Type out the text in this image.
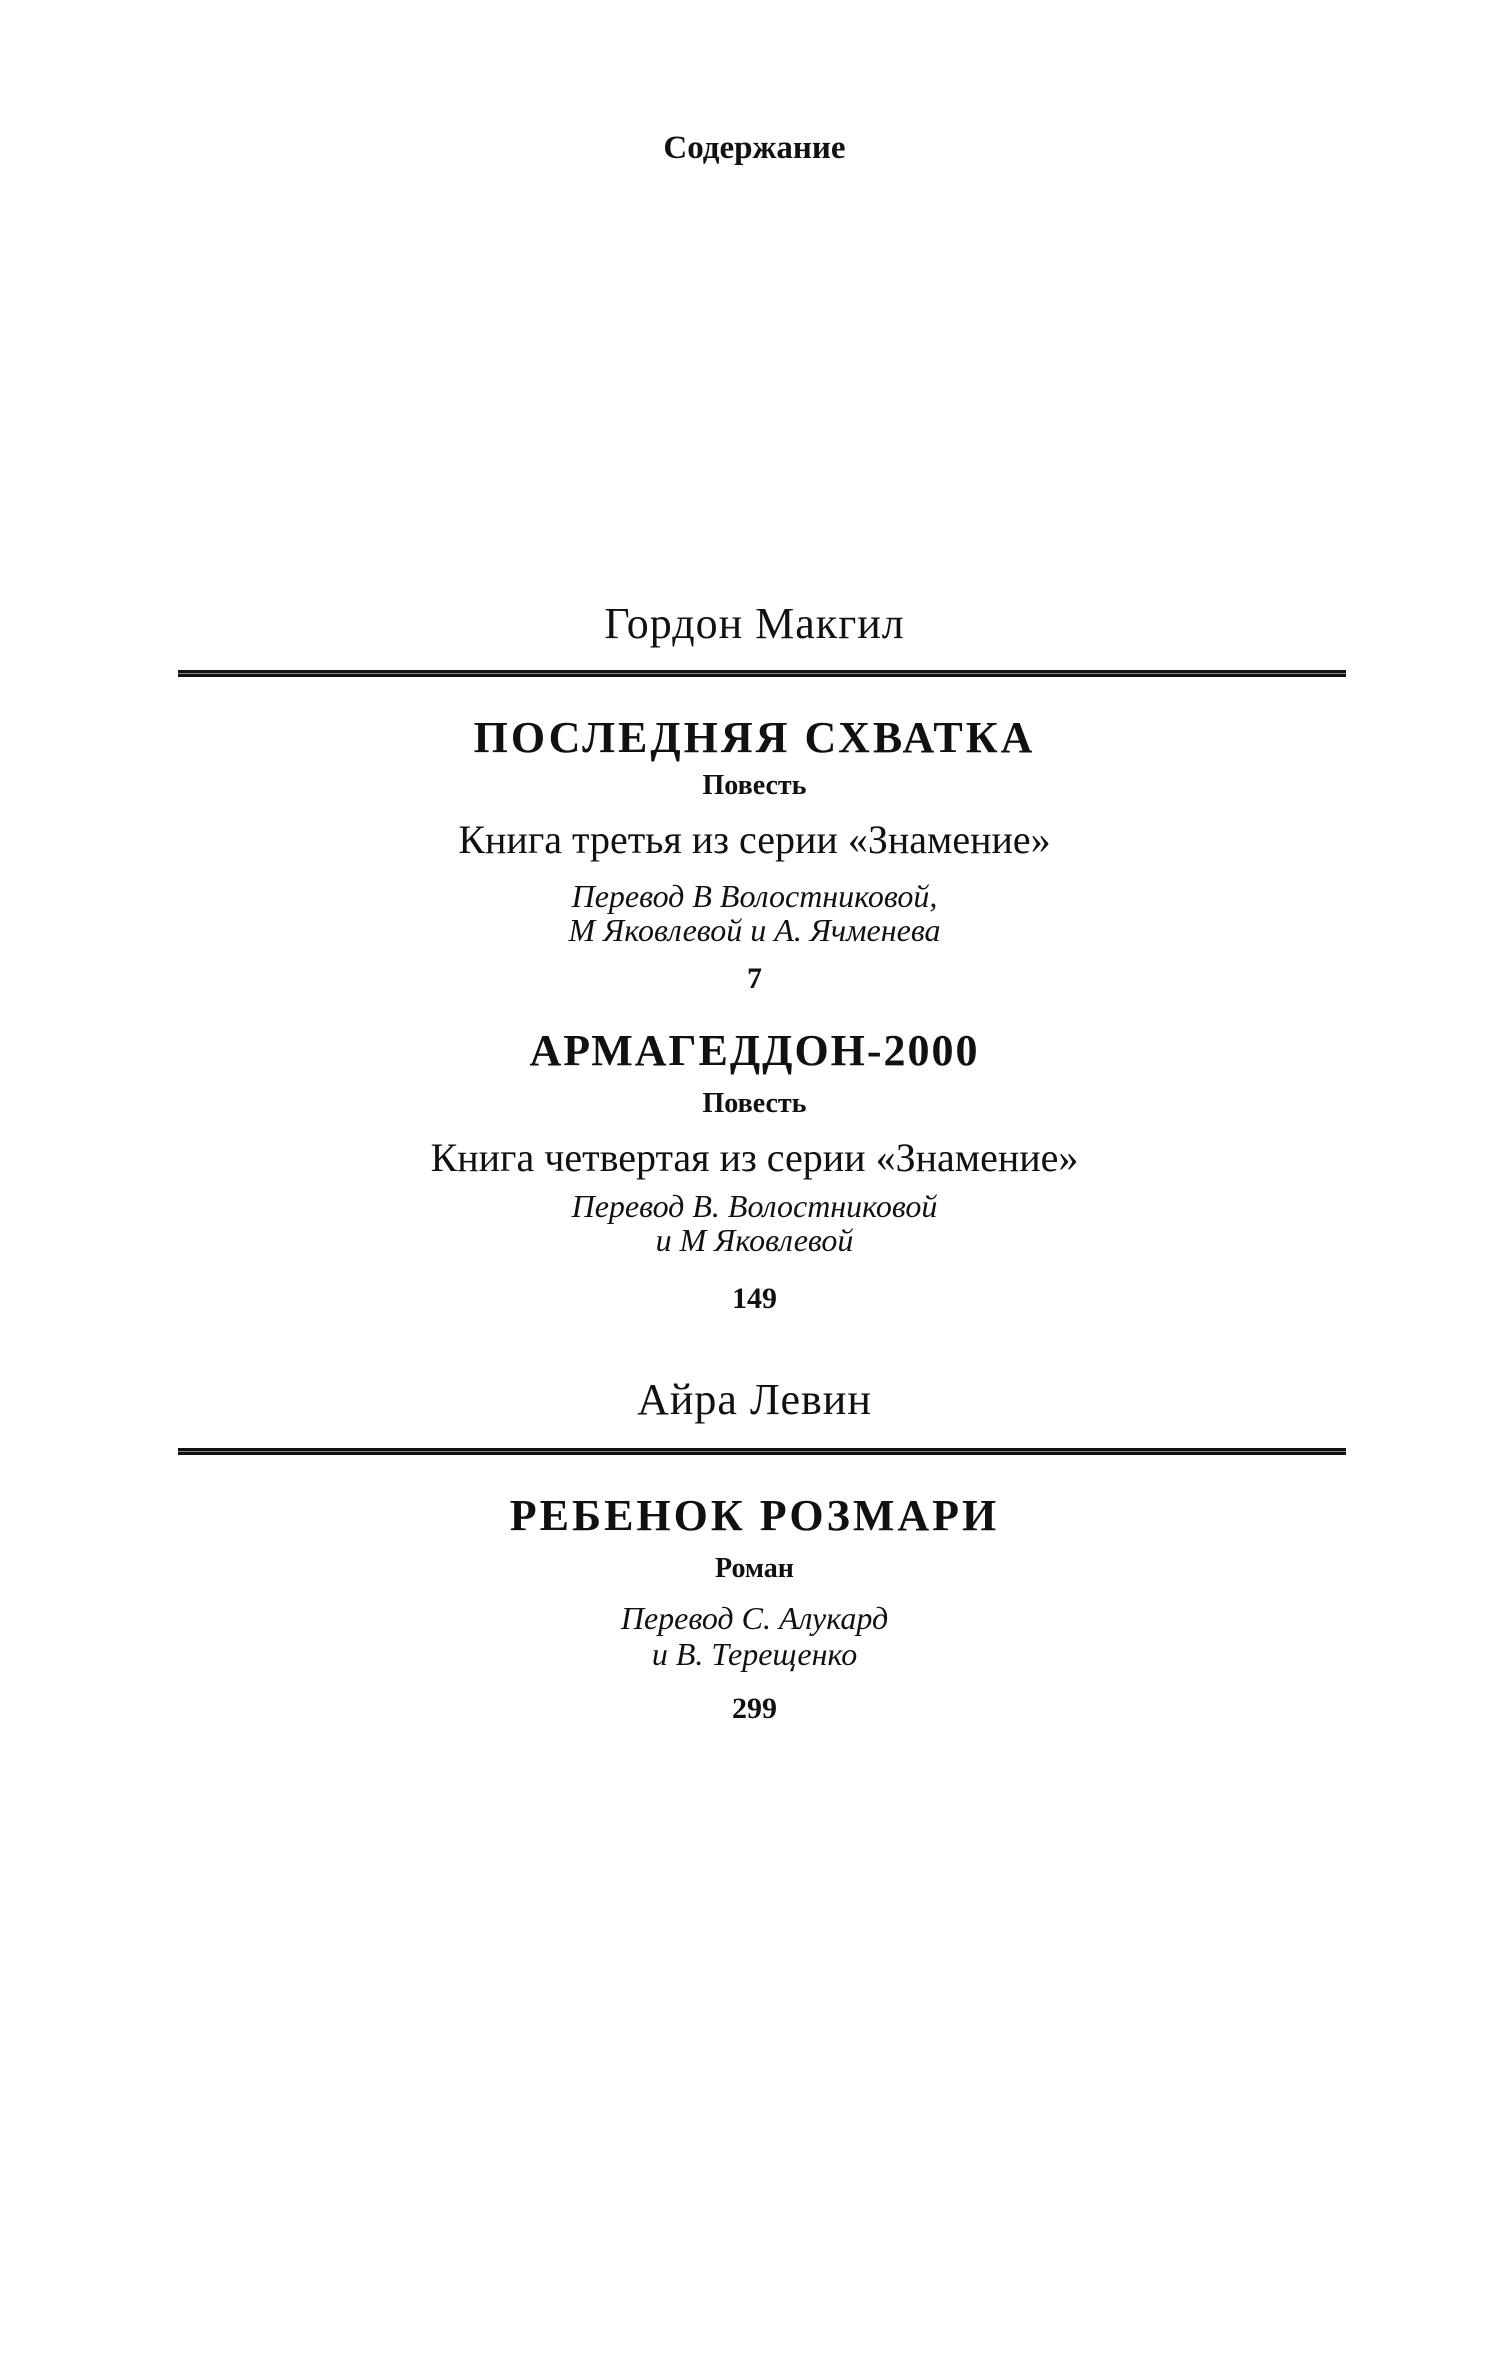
Содержание
Гордон Макгил
ПОСЛЕДНЯЯ СХВАТКА
Повесть
Книга третья из серии «Знамение»
Перевод В Волостниковой,
М Яковлевой и А. Ячменева
7
АРМАГЕДДОН-2000
Повесть
Книга четвертая из серии «Знамение»
Перевод В. Волостниковой
и М Яковлевой
149
Айра Левин
РЕБЕНОК РОЗМАРИ
Роман
Перевод С. Алукард
и В. Терещенко
299
